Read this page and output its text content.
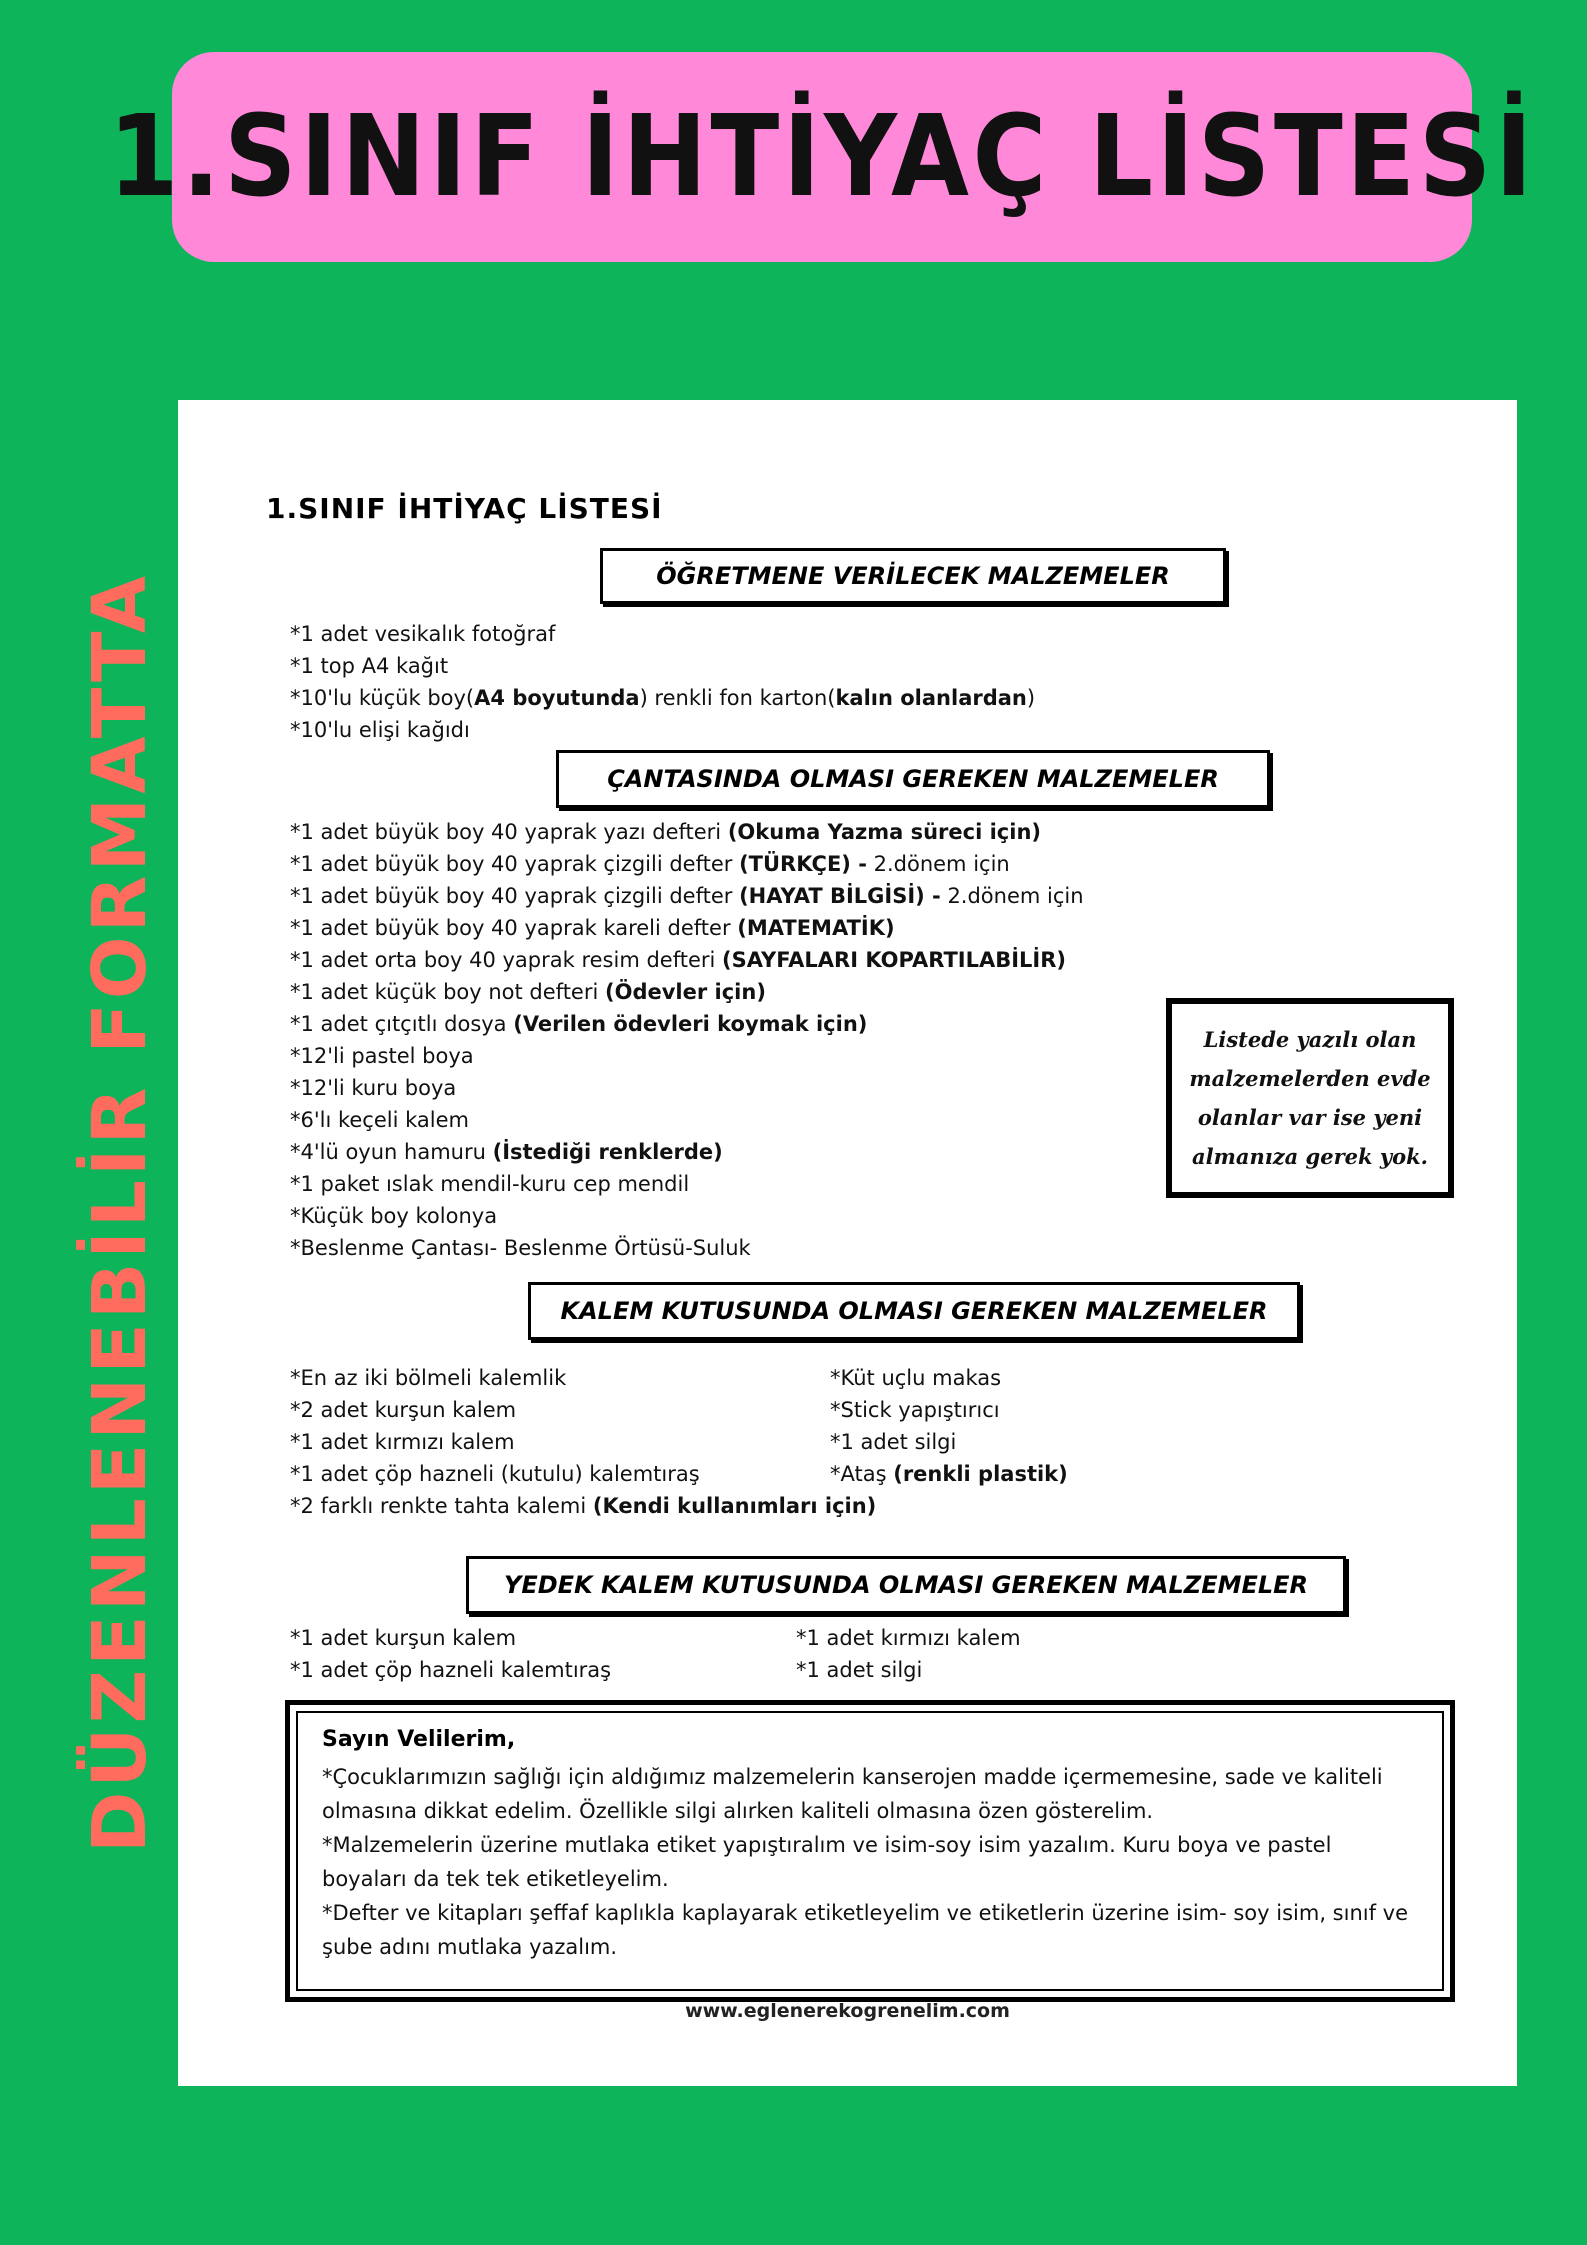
1.SINIF İHTİYAÇ LİSTESİ
DÜZENLENEBİLİR FORMATTA
1.SINIF İHTİYAÇ LİSTESİ
ÖĞRETMENE VERİLECEK MALZEMELER
*1 adet vesikalık fotoğraf
*1 top A4 kağıt
*10'lu küçük boy(A4 boyutunda) renkli fon karton(kalın olanlardan)
*10'lu elişi kağıdı
ÇANTASINDA OLMASI GEREKEN MALZEMELER
*1 adet büyük boy 40 yaprak yazı defteri (Okuma Yazma süreci için)
*1 adet büyük boy 40 yaprak çizgili defter (TÜRKÇE) - 2.dönem için
*1 adet büyük boy 40 yaprak çizgili defter (HAYAT BİLGİSİ) - 2.dönem için
*1 adet büyük boy 40 yaprak kareli defter (MATEMATİK)
*1 adet orta boy 40 yaprak resim defteri (SAYFALARI KOPARTILABİLİR)
*1 adet küçük boy not defteri (Ödevler için)
*1 adet çıtçıtlı dosya (Verilen ödevleri koymak için)
*12'li pastel boya
*12'li kuru boya
*6'lı keçeli kalem
*4'lü oyun hamuru (İstediği renklerde)
*1 paket ıslak mendil-kuru cep mendil
*Küçük boy kolonya
*Beslenme Çantası- Beslenme Örtüsü-Suluk
Listede yazılı olan malzemelerden evde olanlar var ise yeni almanıza gerek yok.
KALEM KUTUSUNDA OLMASI GEREKEN MALZEMELER
*En az iki bölmeli kalemlik
*2 adet kurşun kalem
*1 adet kırmızı kalem
*1 adet çöp hazneli (kutulu) kalemtıraş
*2 farklı renkte tahta kalemi (Kendi kullanımları için)
*Küt uçlu makas
*Stick yapıştırıcı
*1 adet silgi
*Ataş (renkli plastik)
YEDEK KALEM KUTUSUNDA OLMASI GEREKEN MALZEMELER
*1 adet kurşun kalem
*1 adet çöp hazneli kalemtıraş
*1 adet kırmızı kalem
*1 adet silgi

Sayın Velilerim,

*Çocuklarımızın sağlığı için aldığımız malzemelerin kanserojen madde içermemesine, sade ve kaliteli olmasına dikkat edelim. Özellikle silgi alırken kaliteli olmasına özen gösterelim.

*Malzemelerin üzerine mutlaka etiket yapıştıralım ve isim-soy isim yazalım. Kuru boya ve pastel boyaları da tek tek etiketleyelim.

*Defter ve kitapları şeffaf kaplıkla kaplayarak etiketleyelim ve etiketlerin üzerine isim- soy isim, sınıf ve şube adını mutlaka yazalım.

www.eglenerekogrenelim.com
